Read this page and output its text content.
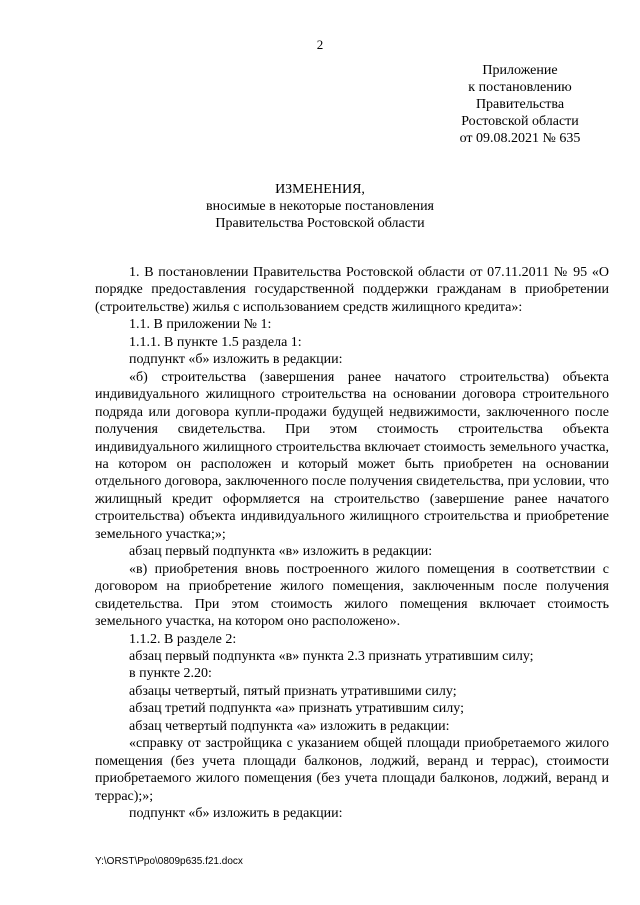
2
Приложение
к постановлению
Правительства
Ростовской области
от 09.08.2021 № 635
ИЗМЕНЕНИЯ,
вносимые в некоторые постановления
Правительства Ростовской области

1. В постановлении Правительства Ростовской области от 07.11.2011 № 95 «О порядке предоставления государственной поддержки гражданам в приобретении (строительстве) жилья с использованием средств жилищного кредита»:

1.1. В приложении № 1:

1.1.1. В пункте 1.5 раздела 1:

подпункт «б» изложить в редакции:

«б) строительства (завершения ранее начатого строительства) объекта индивидуального жилищного строительства на основании договора строительного подряда или договора купли-продажи будущей недвижимости, заключенного после получения свидетельства. При этом стоимость строительства объекта индивидуального жилищного строительства включает стоимость земельного участка, на котором он расположен и который может быть приобретен на основании отдельного договора, заключенного после получения свидетельства, при условии, что жилищный кредит оформляется на строительство (завершение ранее начатого строительства) объекта индивидуального жилищного строительства и приобретение земельного участка;»;

абзац первый подпункта «в» изложить в редакции:

«в) приобретения вновь построенного жилого помещения в соответствии с договором на приобретение жилого помещения, заключенным после получения свидетельства. При этом стоимость жилого помещения включает стоимость земельного участка, на котором оно расположено».

1.1.2. В разделе 2:

абзац первый подпункта «в» пункта 2.3 признать утратившим силу;

в пункте 2.20:

абзацы четвертый, пятый признать утратившими силу;

абзац третий подпункта «а» признать утратившим силу;

абзац четвертый подпункта «а» изложить в редакции:

«справку от застройщика с указанием общей площади приобретаемого жилого помещения (без учета площади балконов, лоджий, веранд и террас), стоимости приобретаемого жилого помещения (без учета площади балконов, лоджий, веранд и террас);»;

подпункт «б» изложить в редакции:

Y:\ORST\Ppo\0809p635.f21.docx
